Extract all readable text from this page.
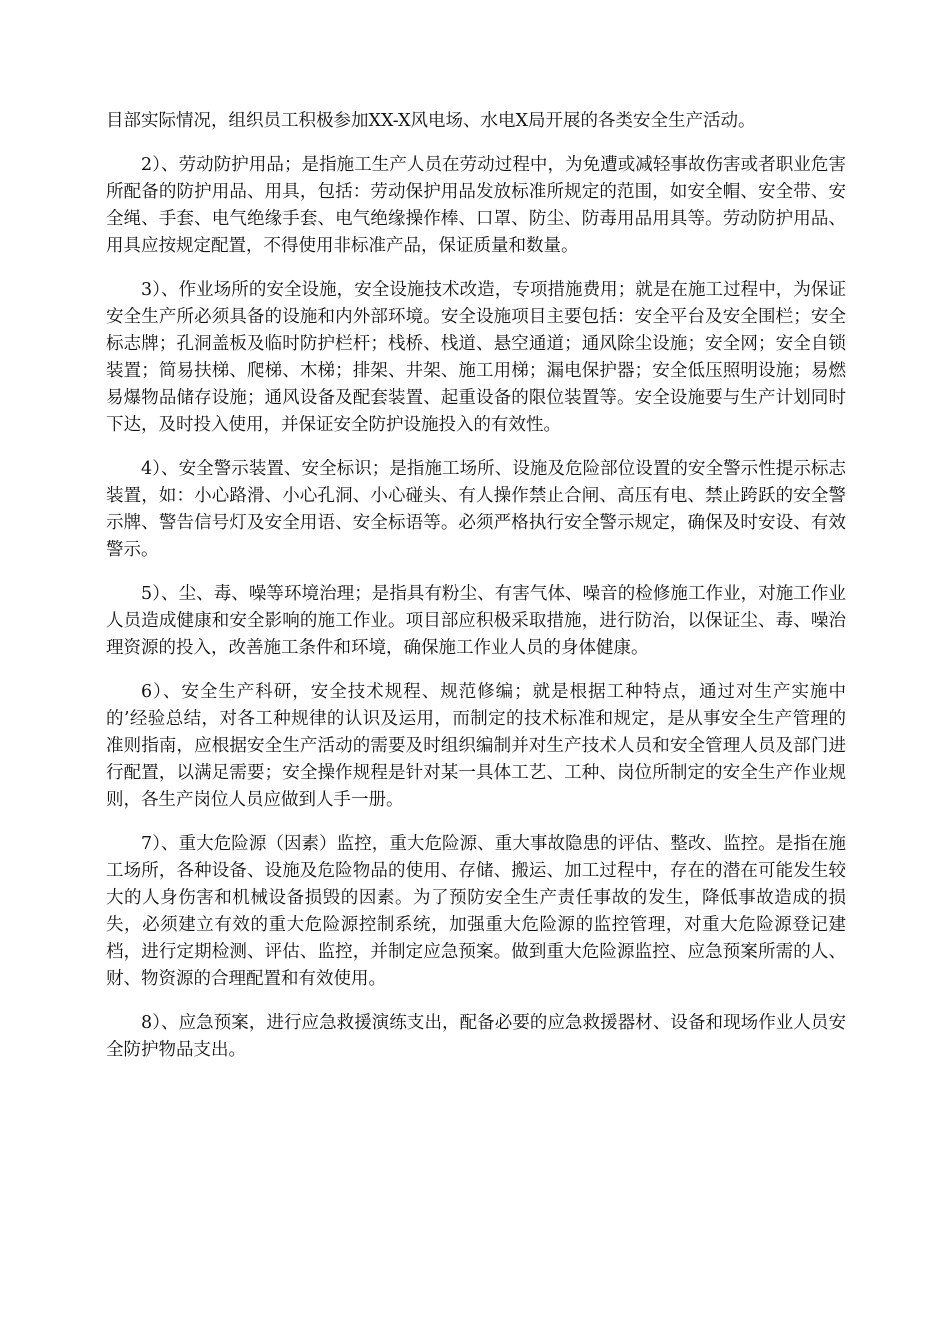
目部实际情况，组织员工积极参加XX-X风电场、水电X局开展的各类安全生产活动。

2）、劳动防护用品；是指施工生产人员在劳动过程中，为免遭或减轻事故伤害或者职业危害所配备的防护用品、用具，包括：劳动保护用品发放标准所规定的范围，如安全帽、安全带、安全绳、手套、电气绝缘手套、电气绝缘操作棒、口罩、防尘、防毒用品用具等。劳动防护用品、用具应按规定配置，不得使用非标准产品，保证质量和数量。

3）、作业场所的安全设施，安全设施技术改造，专项措施费用；就是在施工过程中，为保证安全生产所必须具备的设施和内外部环境。安全设施项目主要包括：安全平台及安全围栏；安全标志牌；孔洞盖板及临时防护栏杆；栈桥、栈道、悬空通道；通风除尘设施；安全网；安全自锁装置；简易扶梯、爬梯、木梯；排架、井架、施工用梯；漏电保护器；安全低压照明设施；易燃易爆物品储存设施；通风设备及配套装置、起重设备的限位装置等。安全设施要与生产计划同时下达，及时投入使用，并保证安全防护设施投入的有效性。

4）、安全警示装置、安全标识；是指施工场所、设施及危险部位设置的安全警示性提示标志装置，如：小心路滑、小心孔洞、小心碰头、有人操作禁止合闸、高压有电、禁止跨跃的安全警示牌、警告信号灯及安全用语、安全标语等。必须严格执行安全警示规定，确保及时安设、有效警示。

5）、尘、毒、噪等环境治理；是指具有粉尘、有害气体、噪音的检修施工作业，对施工作业人员造成健康和安全影响的施工作业。项目部应积极采取措施，进行防治，以保证尘、毒、噪治理资源的投入，改善施工条件和环境，确保施工作业人员的身体健康。

6）、安全生产科研，安全技术规程、规范修编；就是根据工种特点，通过对生产实施中的’经验总结，对各工种规律的认识及运用，而制定的技术标准和规定，是从事安全生产管理的准则指南，应根据安全生产活动的需要及时组织编制并对生产技术人员和安全管理人员及部门进行配置，以满足需要；安全操作规程是针对某一具体工艺、工种、岗位所制定的安全生产作业规则，各生产岗位人员应做到人手一册。

7）、重大危险源（因素）监控，重大危险源、重大事故隐患的评估、整改、监控。是指在施工场所，各种设备、设施及危险物品的使用、存储、搬运、加工过程中，存在的潜在可能发生较大的人身伤害和机械设备损毁的因素。为了预防安全生产责任事故的发生，降低事故造成的损失，必须建立有效的重大危险源控制系统，加强重大危险源的监控管理，对重大危险源登记建档，进行定期检测、评估、监控，并制定应急预案。做到重大危险源监控、应急预案所需的人、财、物资源的合理配置和有效使用。

8）、应急预案，进行应急救援演练支出，配备必要的应急救援器材、设备和现场作业人员安全防护物品支出。
